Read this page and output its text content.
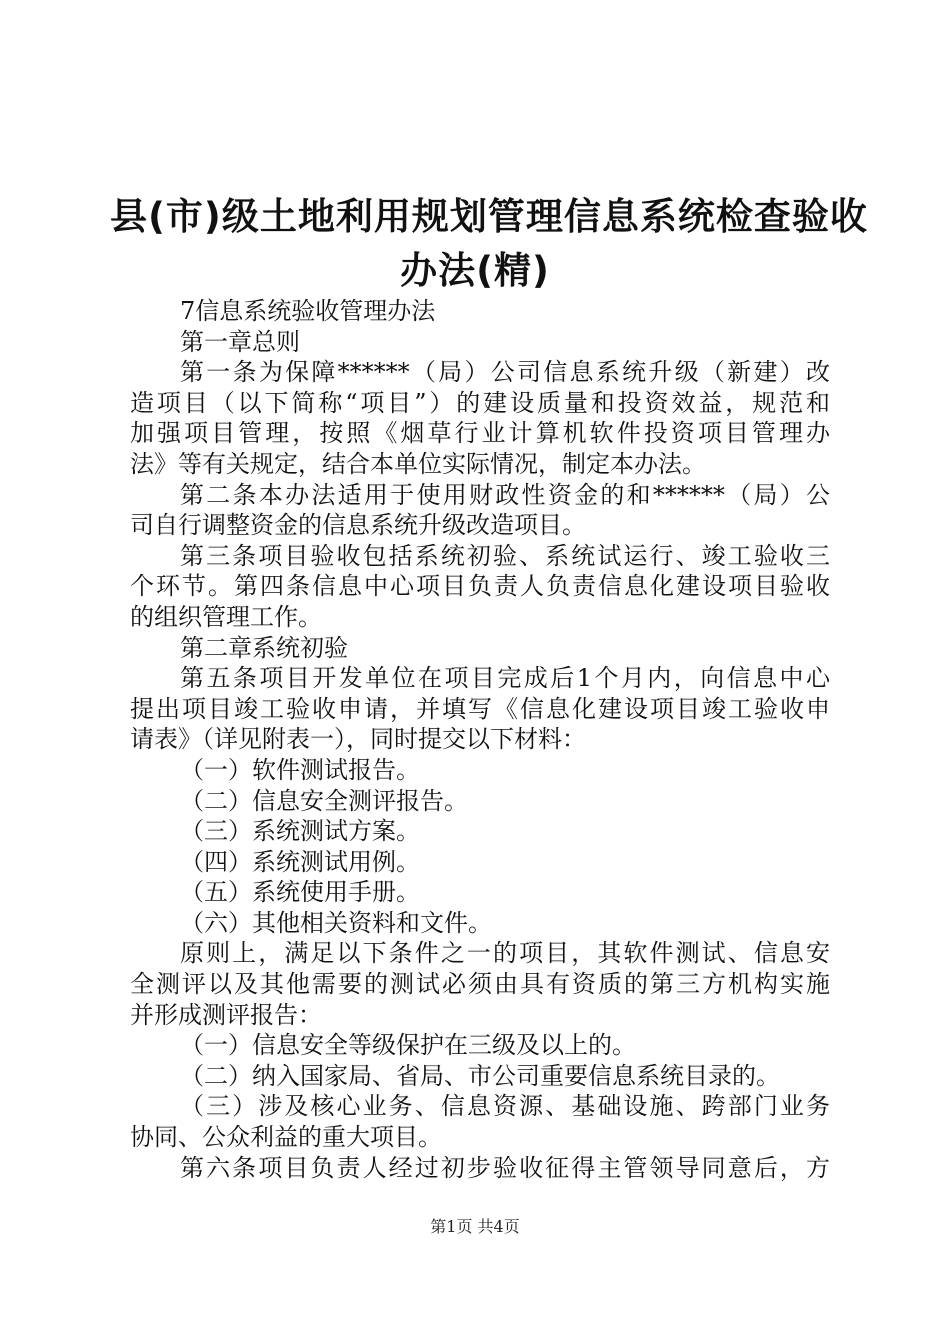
县(市)级土地利用规划管理信息系统检查验收
办法(精)
7信息系统验收管理办法
第一章总则
第一条为保障******（局）公司信息系统升级（新建）改
造项目（以下简称“项目”）的建设质量和投资效益，规范和
加强项目管理，按照《烟草行业计算机软件投资项目管理办
法》等有关规定，结合本单位实际情况，制定本办法。
第二条本办法适用于使用财政性资金的和******（局）公
司自行调整资金的信息系统升级改造项目。
第三条项目验收包括系统初验、系统试运行、竣工验收三
个环节。第四条信息中心项目负责人负责信息化建设项目验收
的组织管理工作。
第二章系统初验
第五条项目开发单位在项目完成后1个月内，向信息中心
提出项目竣工验收申请，并填写《信息化建设项目竣工验收申
请表》（详见附表一），同时提交以下材料：
（一）软件测试报告。
（二）信息安全测评报告。
（三）系统测试方案。
（四）系统测试用例。
（五）系统使用手册。
（六）其他相关资料和文件。
原则上，满足以下条件之一的项目，其软件测试、信息安
全测评以及其他需要的测试必须由具有资质的第三方机构实施
并形成测评报告：
（一）信息安全等级保护在三级及以上的。
（二）纳入国家局、省局、市公司重要信息系统目录的。
（三）涉及核心业务、信息资源、基础设施、跨部门业务
协同、公众利益的重大项目。
第六条项目负责人经过初步验收征得主管领导同意后，方
第1页 共4页
